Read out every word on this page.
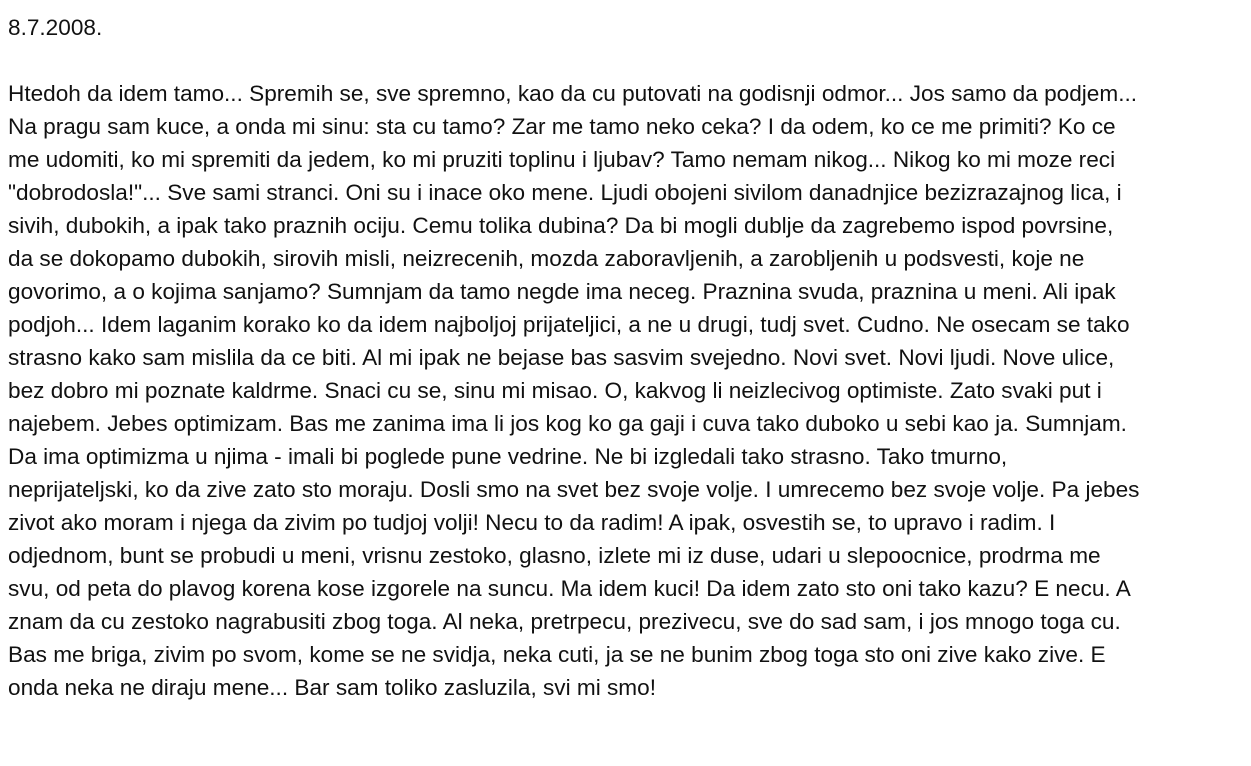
8.7.2008.
Htedoh da idem tamo... Spremih se, sve spremno, kao da cu putovati na godisnji odmor... Jos samo da podjem...
Na pragu sam kuce, a onda mi sinu: sta cu tamo? Zar me tamo neko ceka? I da odem, ko ce me primiti? Ko ce
me udomiti, ko mi spremiti da jedem, ko mi pruziti toplinu i ljubav? Tamo nemam nikog... Nikog ko mi moze reci
"dobrodosla!"... Sve sami stranci. Oni su i inace oko mene. Ljudi obojeni sivilom danadnjice bezizrazajnog lica, i
sivih, dubokih, a ipak tako praznih ociju. Cemu tolika dubina? Da bi mogli dublje da zagrebemo ispod povrsine,
da se dokopamo dubokih, sirovih misli, neizrecenih, mozda zaboravljenih, a zarobljenih u podsvesti, koje ne
govorimo, a o kojima sanjamo? Sumnjam da tamo negde ima neceg. Praznina svuda, praznina u meni. Ali ipak
podjoh... Idem laganim korako ko da idem najboljoj prijateljici, a ne u drugi, tudj svet. Cudno. Ne osecam se tako
strasno kako sam mislila da ce biti. Al mi ipak ne bejase bas sasvim svejedno. Novi svet. Novi ljudi. Nove ulice,
bez dobro mi poznate kaldrme. Snaci cu se, sinu mi misao. O, kakvog li neizlecivog optimiste. Zato svaki put i
najebem. Jebes optimizam. Bas me zanima ima li jos kog ko ga gaji i cuva tako duboko u sebi kao ja. Sumnjam.
Da ima optimizma u njima - imali bi poglede pune vedrine. Ne bi izgledali tako strasno. Tako tmurno,
neprijateljski, ko da zive zato sto moraju. Dosli smo na svet bez svoje volje. I umrecemo bez svoje volje. Pa jebes
zivot ako moram i njega da zivim po tudjoj volji! Necu to da radim! A ipak, osvestih se, to upravo i radim. I
odjednom, bunt se probudi u meni, vrisnu zestoko, glasno, izlete mi iz duse, udari u slepoocnice, prodrma me
svu, od peta do plavog korena kose izgorele na suncu. Ma idem kuci! Da idem zato sto oni tako kazu? E necu. A
znam da cu zestoko nagrabusiti zbog toga. Al neka, pretrpecu, prezivecu, sve do sad sam, i jos mnogo toga cu.
Bas me briga, zivim po svom, kome se ne svidja, neka cuti, ja se ne bunim zbog toga sto oni zive kako zive. E
onda neka ne diraju mene... Bar sam toliko zasluzila, svi mi smo!
